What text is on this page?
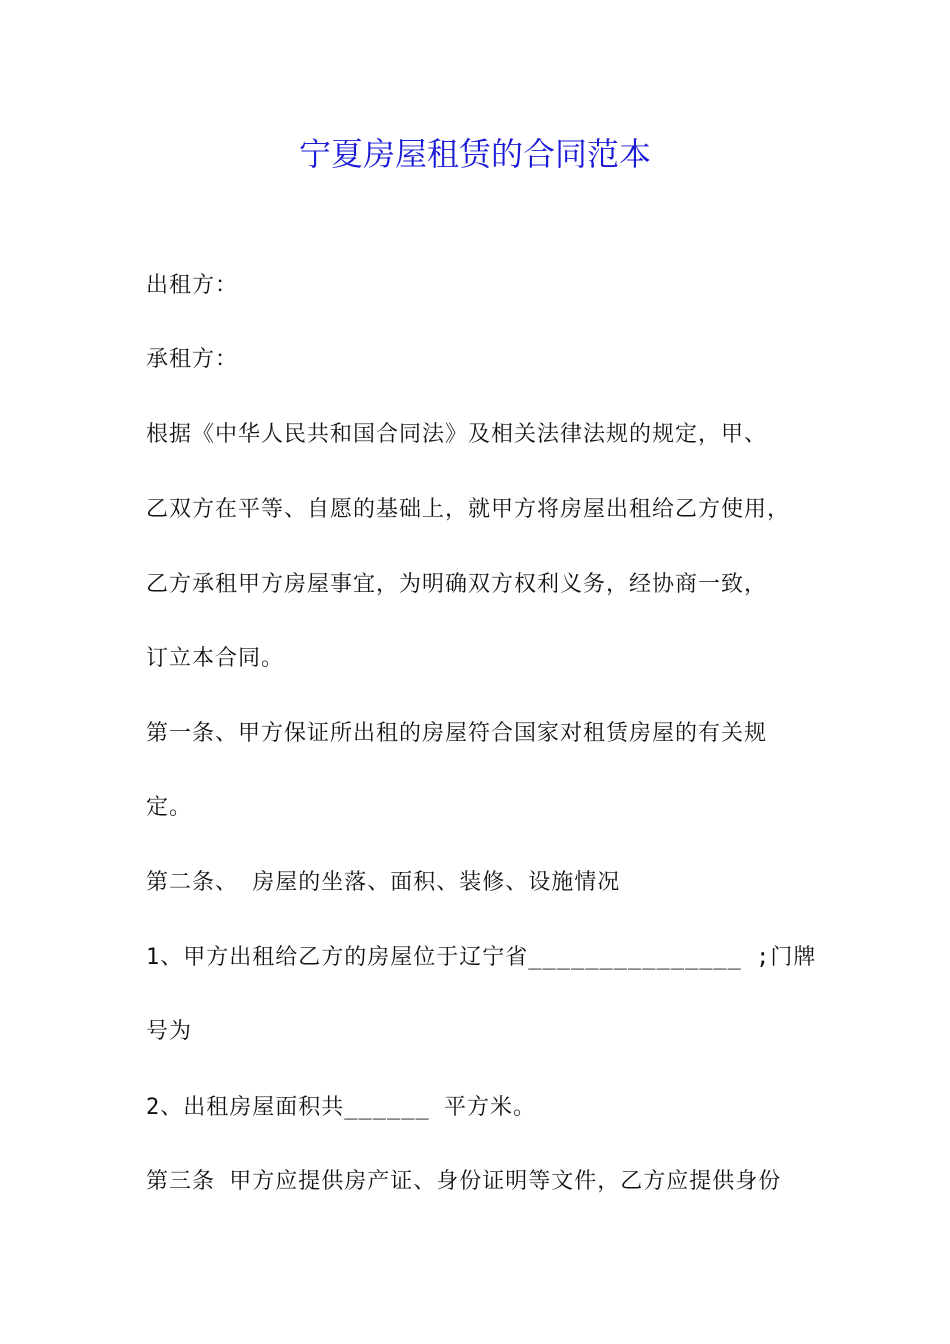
宁夏房屋租赁的合同范本
出租方：
承租方：
根据《中华人民共和国合同法》及相关法律法规的规定，甲、
乙双方在平等、自愿的基础上，就甲方将房屋出租给乙方使用，
乙方承租甲方房屋事宜，为明确双方权利义务，经协商一致，
订立本合同。
第一条、甲方保证所出租的房屋符合国家对租赁房屋的有关规
定。
第二条、 房屋的坐落、面积、装修、设施情况
1、甲方出租给乙方的房屋位于辽宁省_______________ ;门牌
号为
2、出租房屋面积共______ 平方米。
第三条 甲方应提供房产证、身份证明等文件，乙方应提供身份
